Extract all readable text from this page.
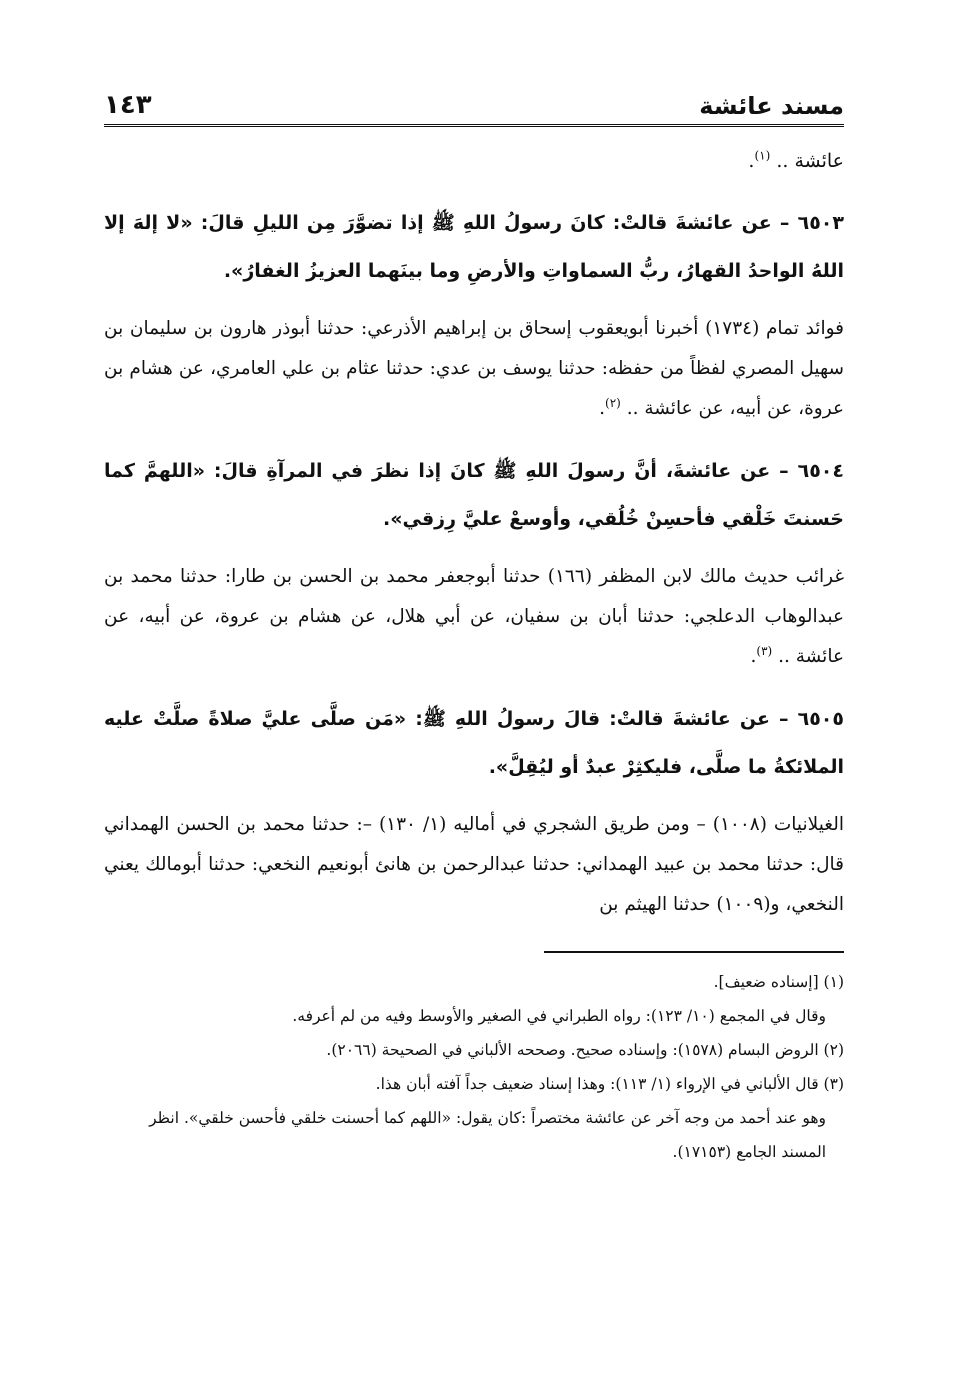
مسند عائشة
١٤٣

عائشة .. $^{(١)}$.

٦٥٠٣ – عن عائشةَ قالتْ: كانَ رسولُ اللهِ ﷺ إذا تضوَّرَ مِن الليلِ قالَ: «لا إلهَ إلا اللهُ الواحدُ القهارُ، ربُّ السماواتِ والأرضِ وما بينَهما العزيزُ الغفارُ».

فوائد تمام (١٧٣٤) أخبرنا أبويعقوب إسحاق بن إبراهيم الأذرعي: حدثنا أبوذر هارون بن سليمان بن سهيل المصري لفظاً من حفظه: حدثنا يوسف بن عدي: حدثنا عثام بن علي العامري، عن هشام بن عروة، عن أبيه، عن عائشة .. $^{(٢)}$.

٦٥٠٤ – عن عائشةَ، أنَّ رسولَ اللهِ ﷺ كانَ إذا نظرَ في المرآةِ قالَ: «اللهمَّ كما حَسنتَ خَلْقي فأحسِنْ خُلُقي، وأوسعْ عليَّ رِزقي».

غرائب حديث مالك لابن المظفر (١٦٦) حدثنا أبوجعفر محمد بن الحسن بن طارا: حدثنا محمد بن عبدالوهاب الدعلجي: حدثنا أبان بن سفيان، عن أبي هلال، عن هشام بن عروة، عن أبيه، عن عائشة .. $^{(٣)}$.

٦٥٠٥ – عن عائشةَ قالتْ: قالَ رسولُ اللهِ ﷺ: «مَن صلَّى عليَّ صلاةً صلَّتْ عليه الملائكةُ ما صلَّى، فليكثِرْ عبدٌ أو ليُقِلَّ».

الغيلانيات (١٠٠٨) – ومن طريق الشجري في أماليه (١/ ١٣٠) –: حدثنا محمد بن الحسن الهمداني قال: حدثنا محمد بن عبيد الهمداني: حدثنا عبدالرحمن بن هانئ أبونعيم النخعي: حدثنا أبومالك يعني النخعي، و(١٠٠٩) حدثنا الهيثم بن

(١) [إسناده ضعيف].

وقال في المجمع (١٠/ ١٢٣): رواه الطبراني في الصغير والأوسط وفيه من لم أعرفه.

(٢) الروض البسام (١٥٧٨): وإسناده صحيح. وصححه الألباني في الصحيحة (٢٠٦٦).

(٣) قال الألباني في الإرواء (١/ ١١٣): وهذا إسناد ضعيف جداً آفته أبان هذا.

وهو عند أحمد من وجه آخر عن عائشة مختصراً :كان يقول: «اللهم كما أحسنت خلقي فأحسن خلقي». انظر المسند الجامع (١٧١٥٣).
